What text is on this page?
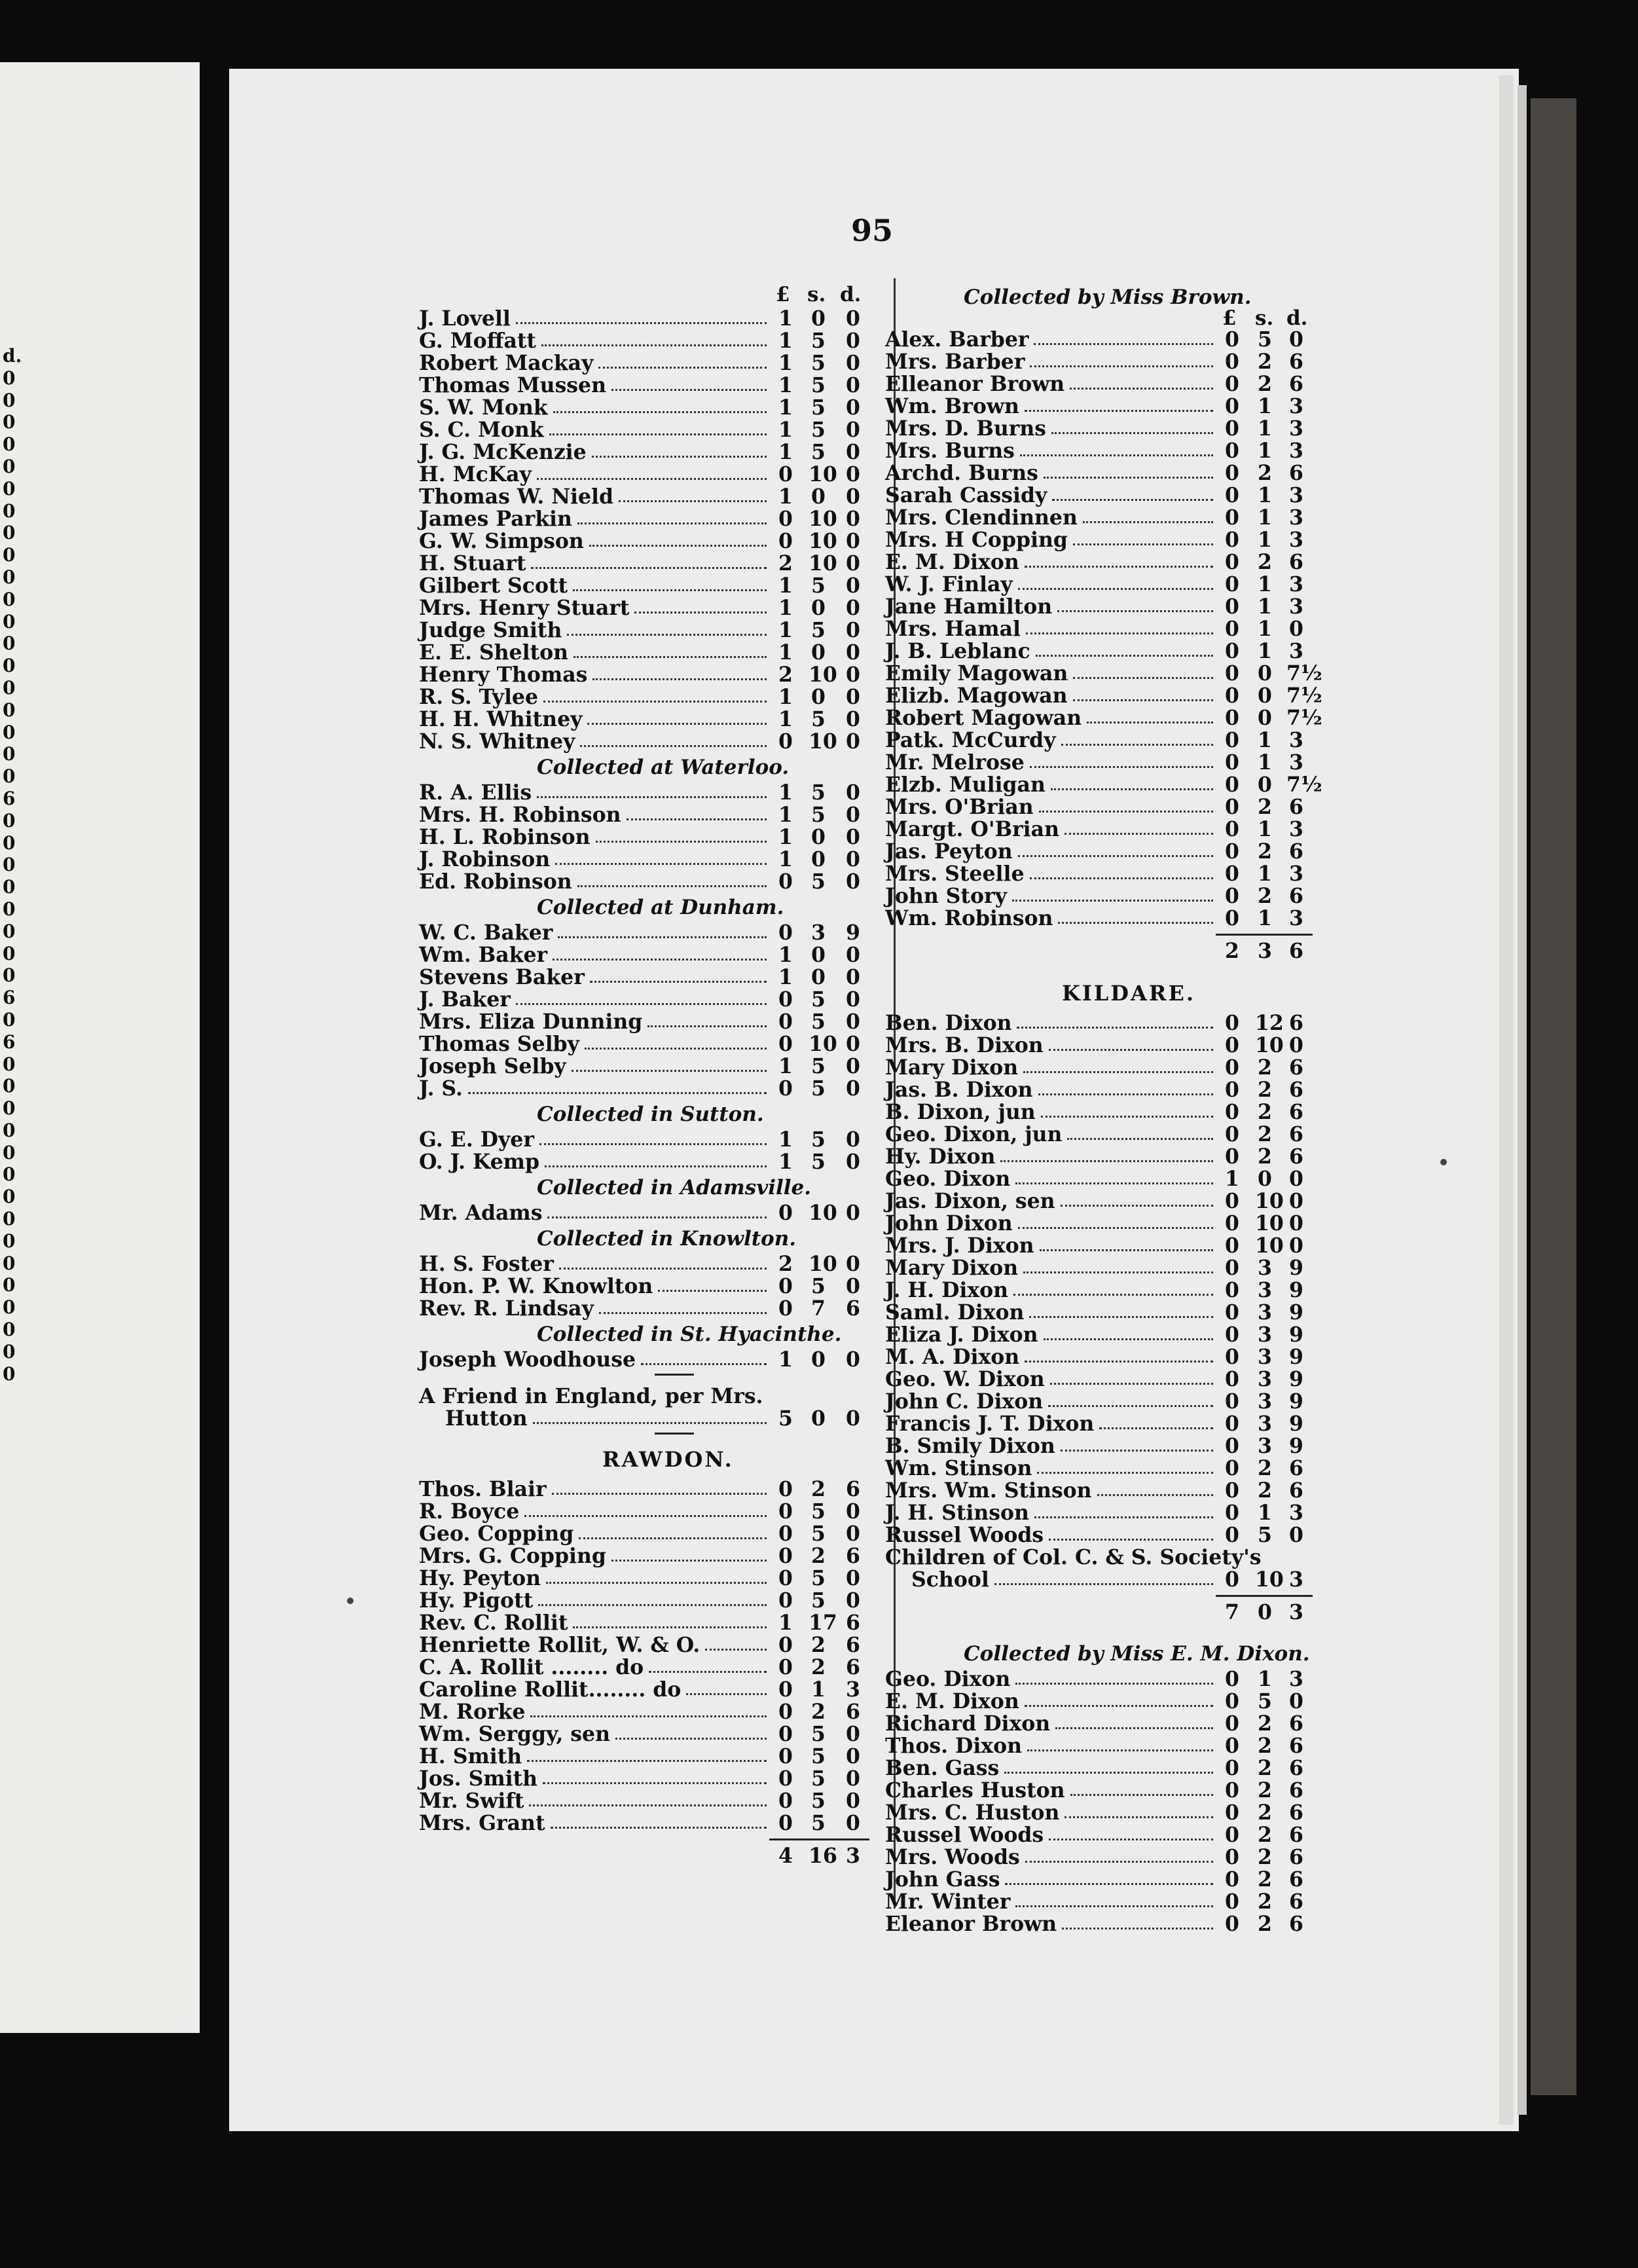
d.
0
0
0
0
0
0
0
0
0
0
0
0
0
0
0
0
0
0
0
6
0
0
0
0
0
0
0
0
6
0
6
0
0
0
0
0
0
0
0
0
0
0
0
0
0
0
95
£ s. d.
J. Lovell	1 0 0
G. Moffatt	1 5 0
Robert Mackay	1 5 0
Thomas Mussen	1 5 0
S. W. Monk	1 5 0
S. C. Monk	1 5 0
J. G. McKenzie	1 5 0
H. McKay	0 10 0
Thomas W. Nield	1 0 0
James Parkin	0 10 0
G. W. Simpson	0 10 0
H. Stuart	2 10 0
Gilbert Scott	1 5 0
Mrs. Henry Stuart	1 0 0
Judge Smith	1 5 0
E. E. Shelton	1 0 0
Henry Thomas	2 10 0
R. S. Tylee	1 0 0
H. H. Whitney	1 5 0
N. S. Whitney	0 10 0
Collected at Waterloo.
R. A. Ellis	1 5 0
Mrs. H. Robinson	1 5 0
H. L. Robinson	1 0 0
J. Robinson	1 0 0
Ed. Robinson	0 5 0
Collected at Dunham.
W. C. Baker	0 3 9
Wm. Baker	1 0 0
Stevens Baker	1 0 0
J. Baker	0 5 0
Mrs. Eliza Dunning	0 5 0
Thomas Selby	0 10 0
Joseph Selby	1 5 0
J. S.	0 5 0
Collected in Sutton.
G. E. Dyer	1 5 0
O. J. Kemp	1 5 0
Collected in Adamsville.
Mr. Adams	0 10 0
Collected in Knowlton.
H. S. Foster	2 10 0
Hon. P. W. Knowlton	0 5 0
Rev. R. Lindsay	0 7 6
Collected in St. Hyacinthe.
Joseph Woodhouse	1 0 0
A Friend in England, per Mrs.
Hutton	5 0 0
RAWDON.
Thos. Blair	0 2 6
R. Boyce	0 5 0
Geo. Copping	0 5 0
Mrs. G. Copping	0 2 6
Hy. Peyton	0 5 0
Hy. Pigott	0 5 0
Rev. C. Rollit	1 17 6
Henriette Rollit, W. & O.	0 2 6
C. A. Rollit ........ do	0 2 6
Caroline Rollit........ do	0 1 3
M. Rorke	0 2 6
Wm. Serggy, sen	0 5 0
H. Smith	0 5 0
Jos. Smith	0 5 0
Mr. Swift	0 5 0
Mrs. Grant	0 5 0
4 16 3
Collected by Miss Brown.
£ s. d.
Alex. Barber	0 5 0
Mrs. Barber	0 2 6
Elleanor Brown	0 2 6
Wm. Brown	0 1 3
Mrs. D. Burns	0 1 3
Mrs. Burns	0 1 3
Archd. Burns	0 2 6
Sarah Cassidy	0 1 3
Mrs. Clendinnen	0 1 3
Mrs. H Copping	0 1 3
E. M. Dixon	0 2 6
W. J. Finlay	0 1 3
Jane Hamilton	0 1 3
Mrs. Hamal	0 1 0
J. B. Leblanc	0 1 3
Emily Magowan	0 0 7½
Elizb. Magowan	0 0 7½
Robert Magowan	0 0 7½
Patk. McCurdy	0 1 3
Mr. Melrose	0 1 3
Elzb. Muligan	0 0 7½
Mrs. O'Brian	0 2 6
Margt. O'Brian	0 1 3
Jas. Peyton	0 2 6
Mrs. Steelle	0 1 3
John Story	0 2 6
Wm. Robinson	0 1 3
2 3 6
KILDARE.
Ben. Dixon	0 12 6
Mrs. B. Dixon	0 10 0
Mary Dixon	0 2 6
Jas. B. Dixon	0 2 6
B. Dixon, jun	0 2 6
Geo. Dixon, jun	0 2 6
Hy. Dixon	0 2 6
Geo. Dixon	1 0 0
Jas. Dixon, sen	0 10 0
John Dixon	0 10 0
Mrs. J. Dixon	0 10 0
Mary Dixon	0 3 9
J. H. Dixon	0 3 9
Saml. Dixon	0 3 9
Eliza J. Dixon	0 3 9
M. A. Dixon	0 3 9
Geo. W. Dixon	0 3 9
John C. Dixon	0 3 9
Francis J. T. Dixon	0 3 9
B. Smily Dixon	0 3 9
Wm. Stinson	0 2 6
Mrs. Wm. Stinson	0 2 6
J. H. Stinson	0 1 3
Russel Woods	0 5 0
Children of Col. C. & S. Society's
School	0 10 3
7 0 3
Collected by Miss E. M. Dixon.
Geo. Dixon	0 1 3
E. M. Dixon	0 5 0
Richard Dixon	0 2 6
Thos. Dixon	0 2 6
Ben. Gass	0 2 6
Charles Huston	0 2 6
Mrs. C. Huston	0 2 6
Russel Woods	0 2 6
Mrs. Woods	0 2 6
John Gass	0 2 6
Mr. Winter	0 2 6
Eleanor Brown	0 2 6
